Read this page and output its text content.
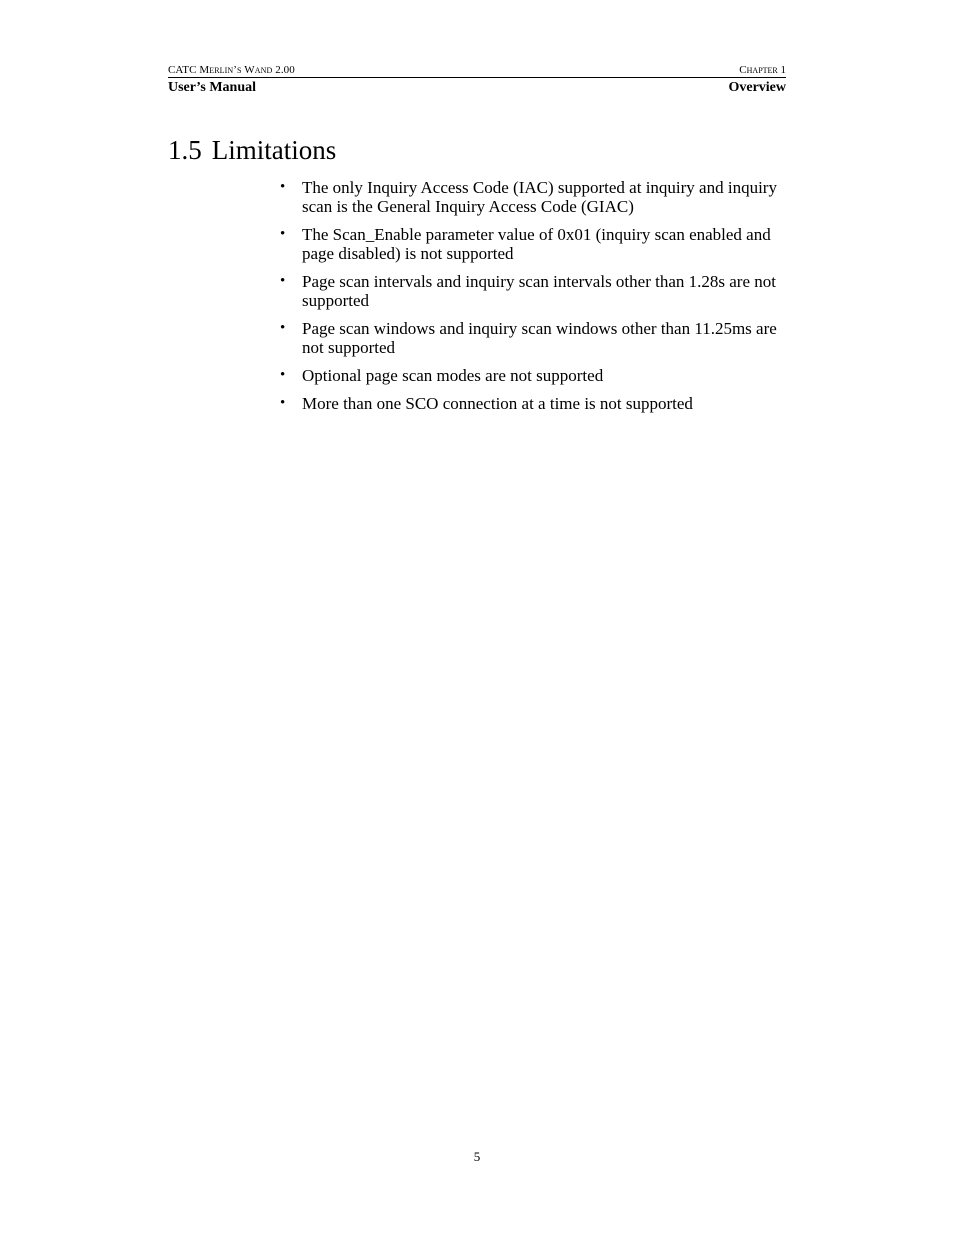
CATC Merlin’s Wand 2.00	Chapter 1
User’s Manual	Overview
1.5 Limitations
• The only Inquiry Access Code (IAC) supported at inquiry and inquiry scan is the General Inquiry Access Code (GIAC)
• The Scan_Enable parameter value of 0x01 (inquiry scan enabled and page disabled) is not supported
• Page scan intervals and inquiry scan intervals other than 1.28s are not supported
• Page scan windows and inquiry scan windows other than 11.25ms are not supported
• Optional page scan modes are not supported
• More than one SCO connection at a time is not supported
5
